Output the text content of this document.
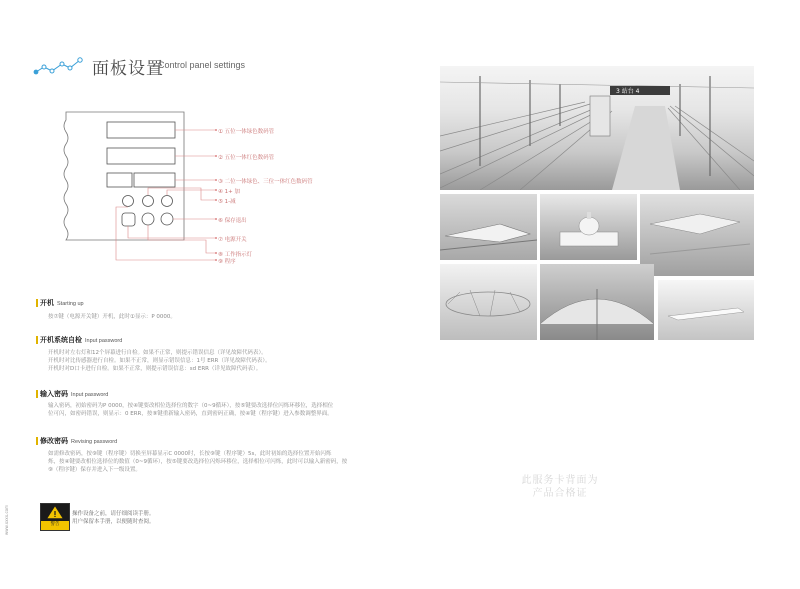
面板设置
Control panel settings
① 五位一体绿色数码管
② 五位一体红色数码管
③ 二位一体绿色、三位一体红色数码管
④ 1+ 加
⑤ 1-减
⑥ 保存退出
⑦ 电源开关
⑧ 工作指示灯
⑨ 程序
开机 Starting up

按⑦键（电源开关键）开机，此时①显示：P 0000。

开机系统自检 Input password

开机时对左右灯和12个屏幕进行自检。如果不正常，则提示错误信息（详见故障代码表）。

开机时对比传感器进行自检。如果不正常，则显示错误信息：1号 ERR（详见故障代码表）。

开机时对D口卡进行自检。如果不正常，则提示错误信息：sd ERR（详见故障代码表）。

输入密码 Input password

输入密码，初始密码为P 0000，按④键要改相位选择位的数字（0~9循环），按⑤键要改选择位闪烁环移位，选择相位

位可闪，如密码错误，则显示：0 ERR，按⑨键重新输入密码，直到密码正确，按④键（程序键）进入参数调整界面。

修改密码 Revising password

如需修改密码，按⑨键（程序键）切换至屏幕显示C 0000时，长按⑨键（程序键）5s，此时初始的选择位置开始闪烁

烁，按④键要改相位选择位的数值（0~9循环），按⑤键要改选择位闪烁环移位，选择相位可闪烁，此时可以输入新密码，按

⑨（程序键）保存并进入下一级设置。

警告
操作设备之前，请仔细阅读手册。
用户保留本手册，以便随时查阅。
www.xxxx.com
3 站台 4
此服务卡背面为
产品合格证
